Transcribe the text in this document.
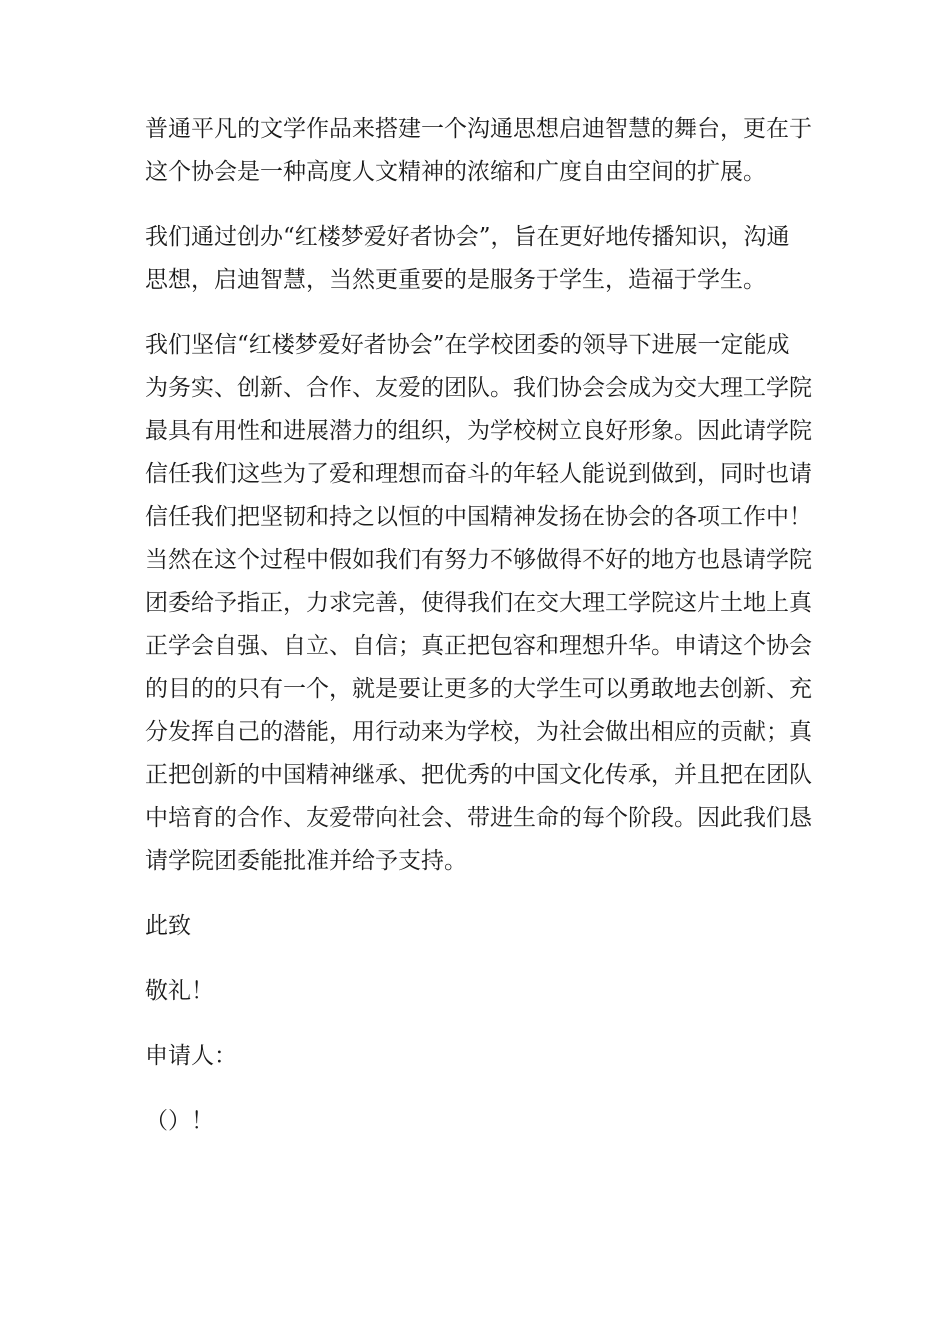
普通平凡的文学作品来搭建一个沟通思想启迪智慧的舞台，更在于
这个协会是一种高度人文精神的浓缩和广度自由空间的扩展。
我们通过创办“红楼梦爱好者协会”，旨在更好地传播知识，沟通
思想，启迪智慧，当然更重要的是服务于学生，造福于学生。
我们坚信“红楼梦爱好者协会”在学校团委的领导下进展一定能成
为务实、创新、合作、友爱的团队。我们协会会成为交大理工学院
最具有用性和进展潜力的组织，为学校树立良好形象。因此请学院
信任我们这些为了爱和理想而奋斗的年轻人能说到做到，同时也请
信任我们把坚韧和持之以恒的中国精神发扬在协会的各项工作中！
当然在这个过程中假如我们有努力不够做得不好的地方也恳请学院
团委给予指正，力求完善，使得我们在交大理工学院这片土地上真
正学会自强、自立、自信；真正把包容和理想升华。申请这个协会
的目的的只有一个，就是要让更多的大学生可以勇敢地去创新、充
分发挥自己的潜能，用行动来为学校，为社会做出相应的贡献；真
正把创新的中国精神继承、把优秀的中国文化传承，并且把在团队
中培育的合作、友爱带向社会、带进生命的每个阶段。因此我们恳
请学院团委能批准并给予支持。
此致
敬礼！
申请人：
（）！
